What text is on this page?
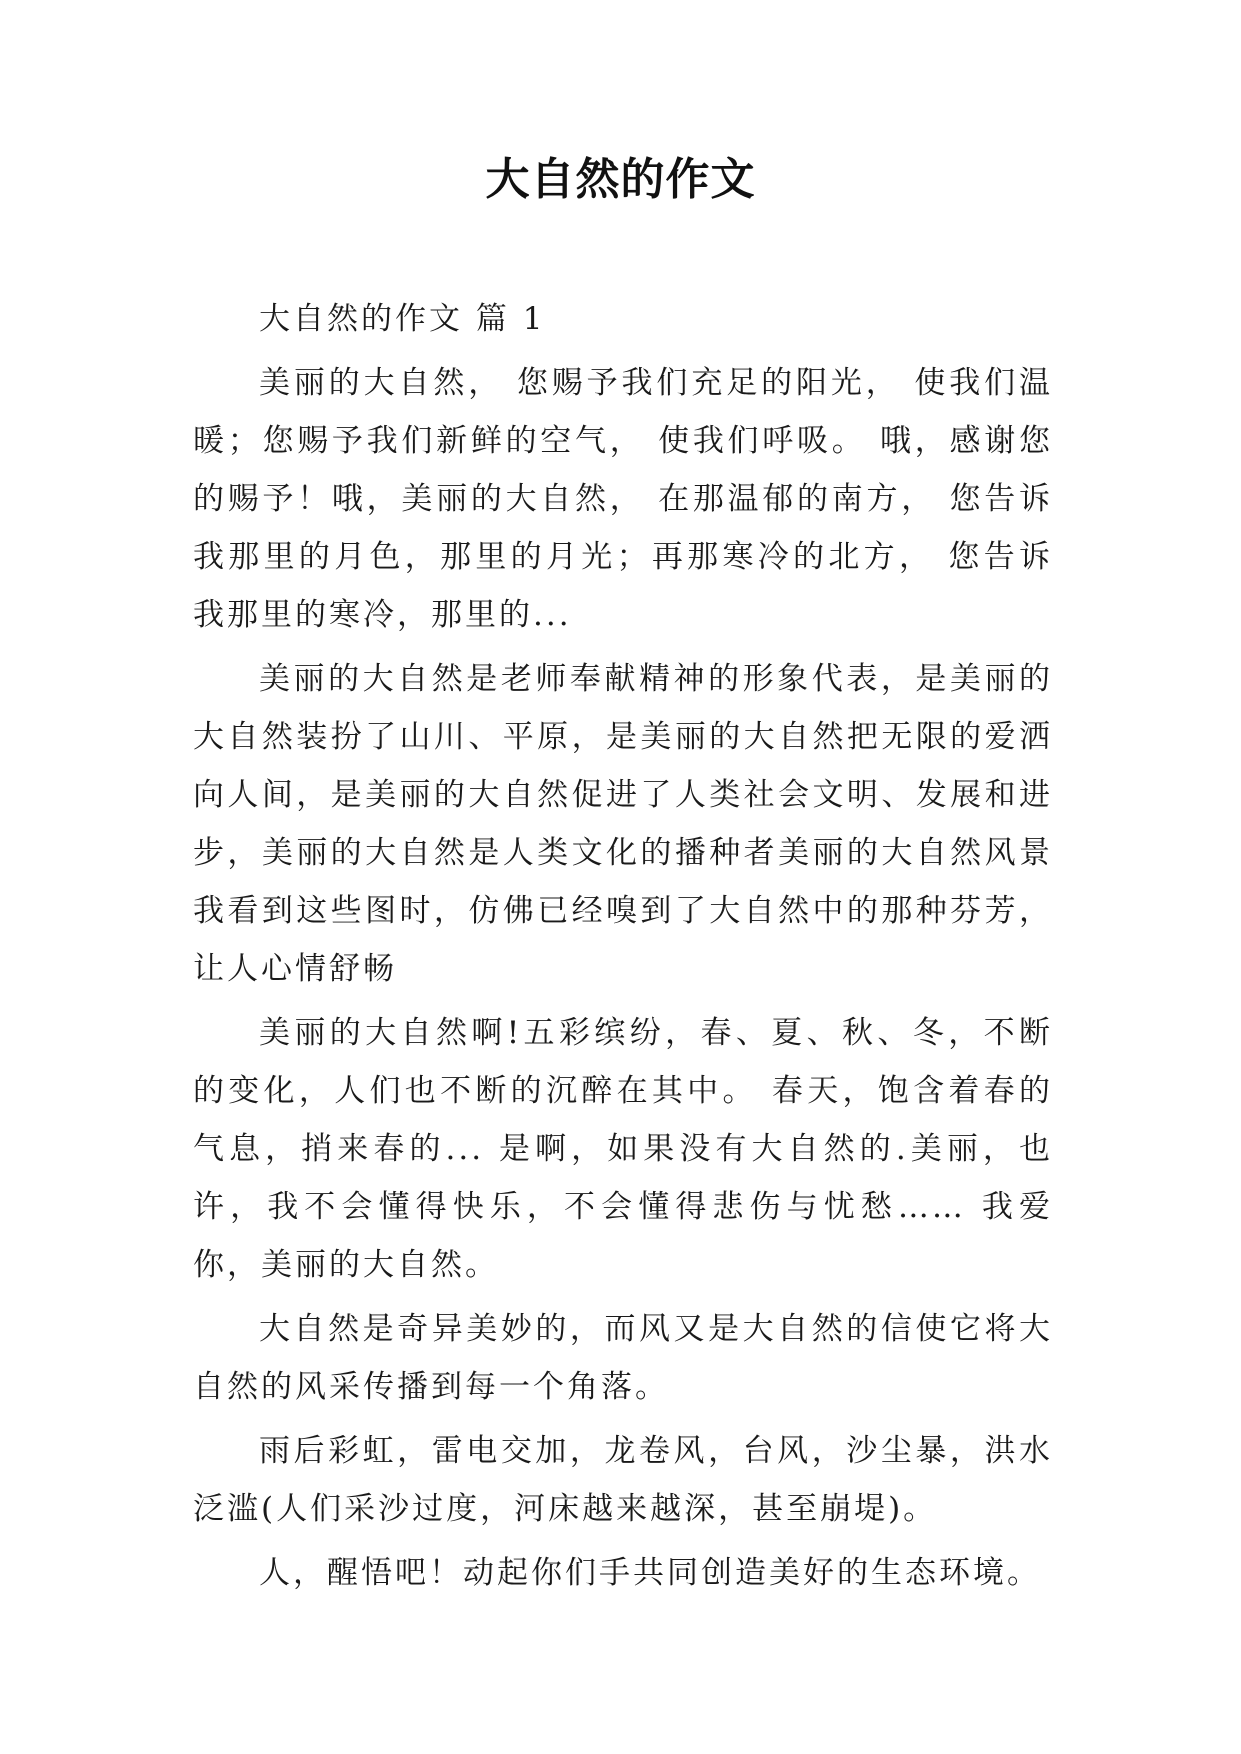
大自然的作文

大自然的作文 篇 1

美丽的大自然， 您赐予我们充足的阳光， 使我们温暖；您赐予我们新鲜的空气， 使我们呼吸。 哦，感谢您的赐予！哦，美丽的大自然， 在那温郁的南方， 您告诉我那里的月色，那里的月光；再那寒冷的北方， 您告诉我那里的寒冷，那里的...

美丽的大自然是老师奉献精神的形象代表，是美丽的大自然装扮了山川、平原，是美丽的大自然把无限的爱洒向人间，是美丽的大自然促进了人类社会文明、发展和进步，美丽的大自然是人类文化的播种者美丽的大自然风景 我看到这些图时，仿佛已经嗅到了大自然中的那种芬芳，让人心情舒畅

美丽的大自然啊!五彩缤纷，春、夏、秋、冬，不断的变化，人们也不断的沉醉在其中。 春天，饱含着春的气息，捎来春的... 是啊，如果没有大自然的.美丽，也许，我不会懂得快乐，不会懂得悲伤与忧愁…… 我爱你，美丽的大自然。

大自然是奇异美妙的，而风又是大自然的信使它将大自然的风采传播到每一个角落。

雨后彩虹，雷电交加，龙卷风，台风，沙尘暴，洪水泛滥(人们采沙过度，河床越来越深，甚至崩堤)。

人，醒悟吧！动起你们手共同创造美好的生态环境。
